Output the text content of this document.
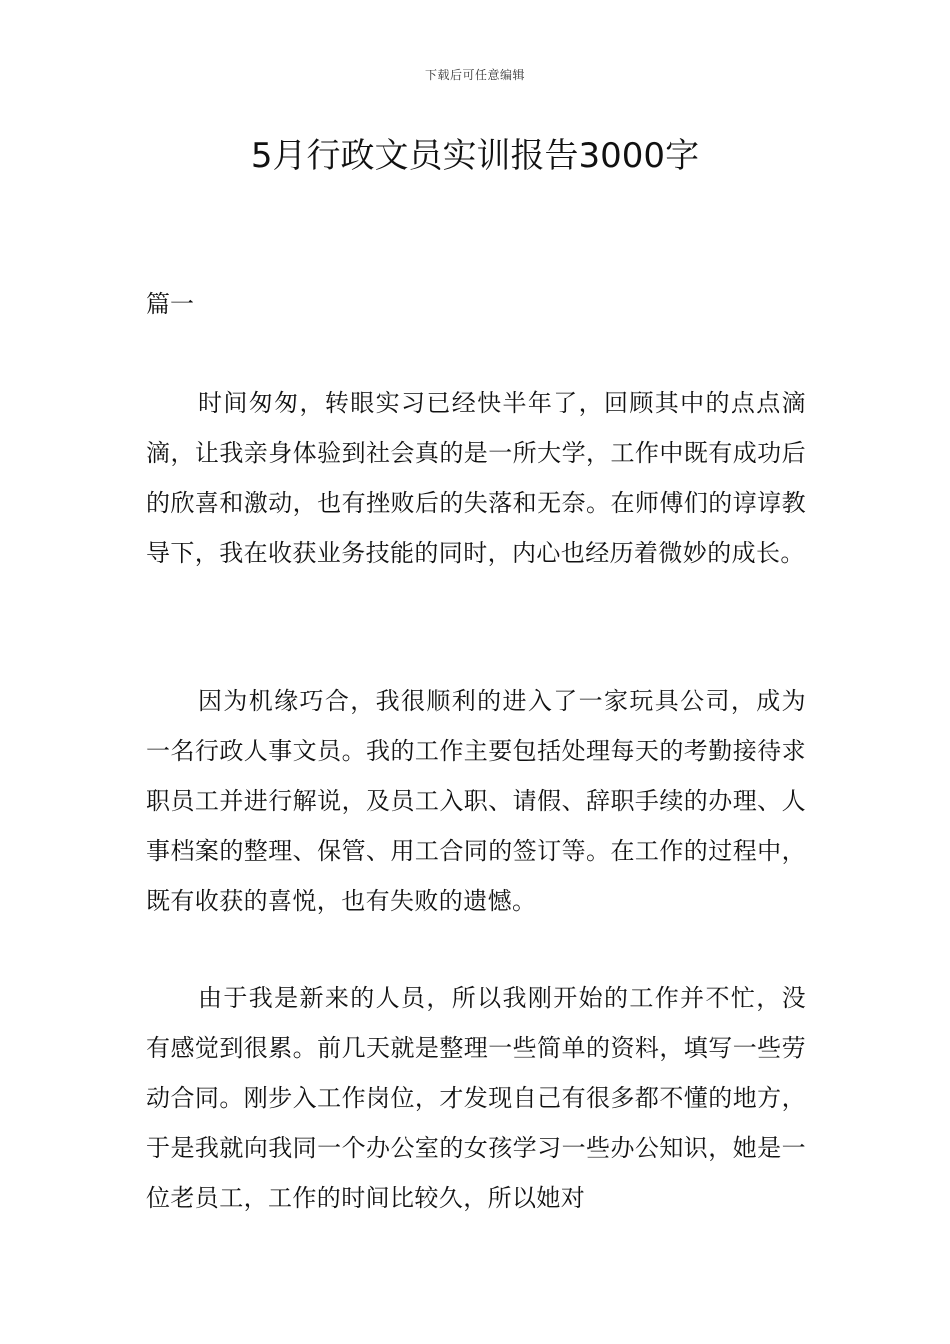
下载后可任意编辑
5月行政文员实训报告3000字

篇一

时间匆匆，转眼实习已经快半年了，回顾其中的点点滴滴，让我亲身体验到社会真的是一所大学，工作中既有成功后的欣喜和激动，也有挫败后的失落和无奈。在师傅们的谆谆教导下，我在收获业务技能的同时，内心也经历着微妙的成长。

因为机缘巧合，我很顺利的进入了一家玩具公司，成为一名行政人事文员。我的工作主要包括处理每天的考勤接待求职员工并进行解说，及员工入职、请假、辞职手续的办理、人事档案的整理、保管、用工合同的签订等。在工作的过程中，既有收获的喜悦，也有失败的遗憾。

由于我是新来的人员，所以我刚开始的工作并不忙，没有感觉到很累。前几天就是整理一些简单的资料，填写一些劳动合同。刚步入工作岗位，才发现自己有很多都不懂的地方，于是我就向我同一个办公室的女孩学习一些办公知识，她是一位老员工，工作的时间比较久，所以她对
